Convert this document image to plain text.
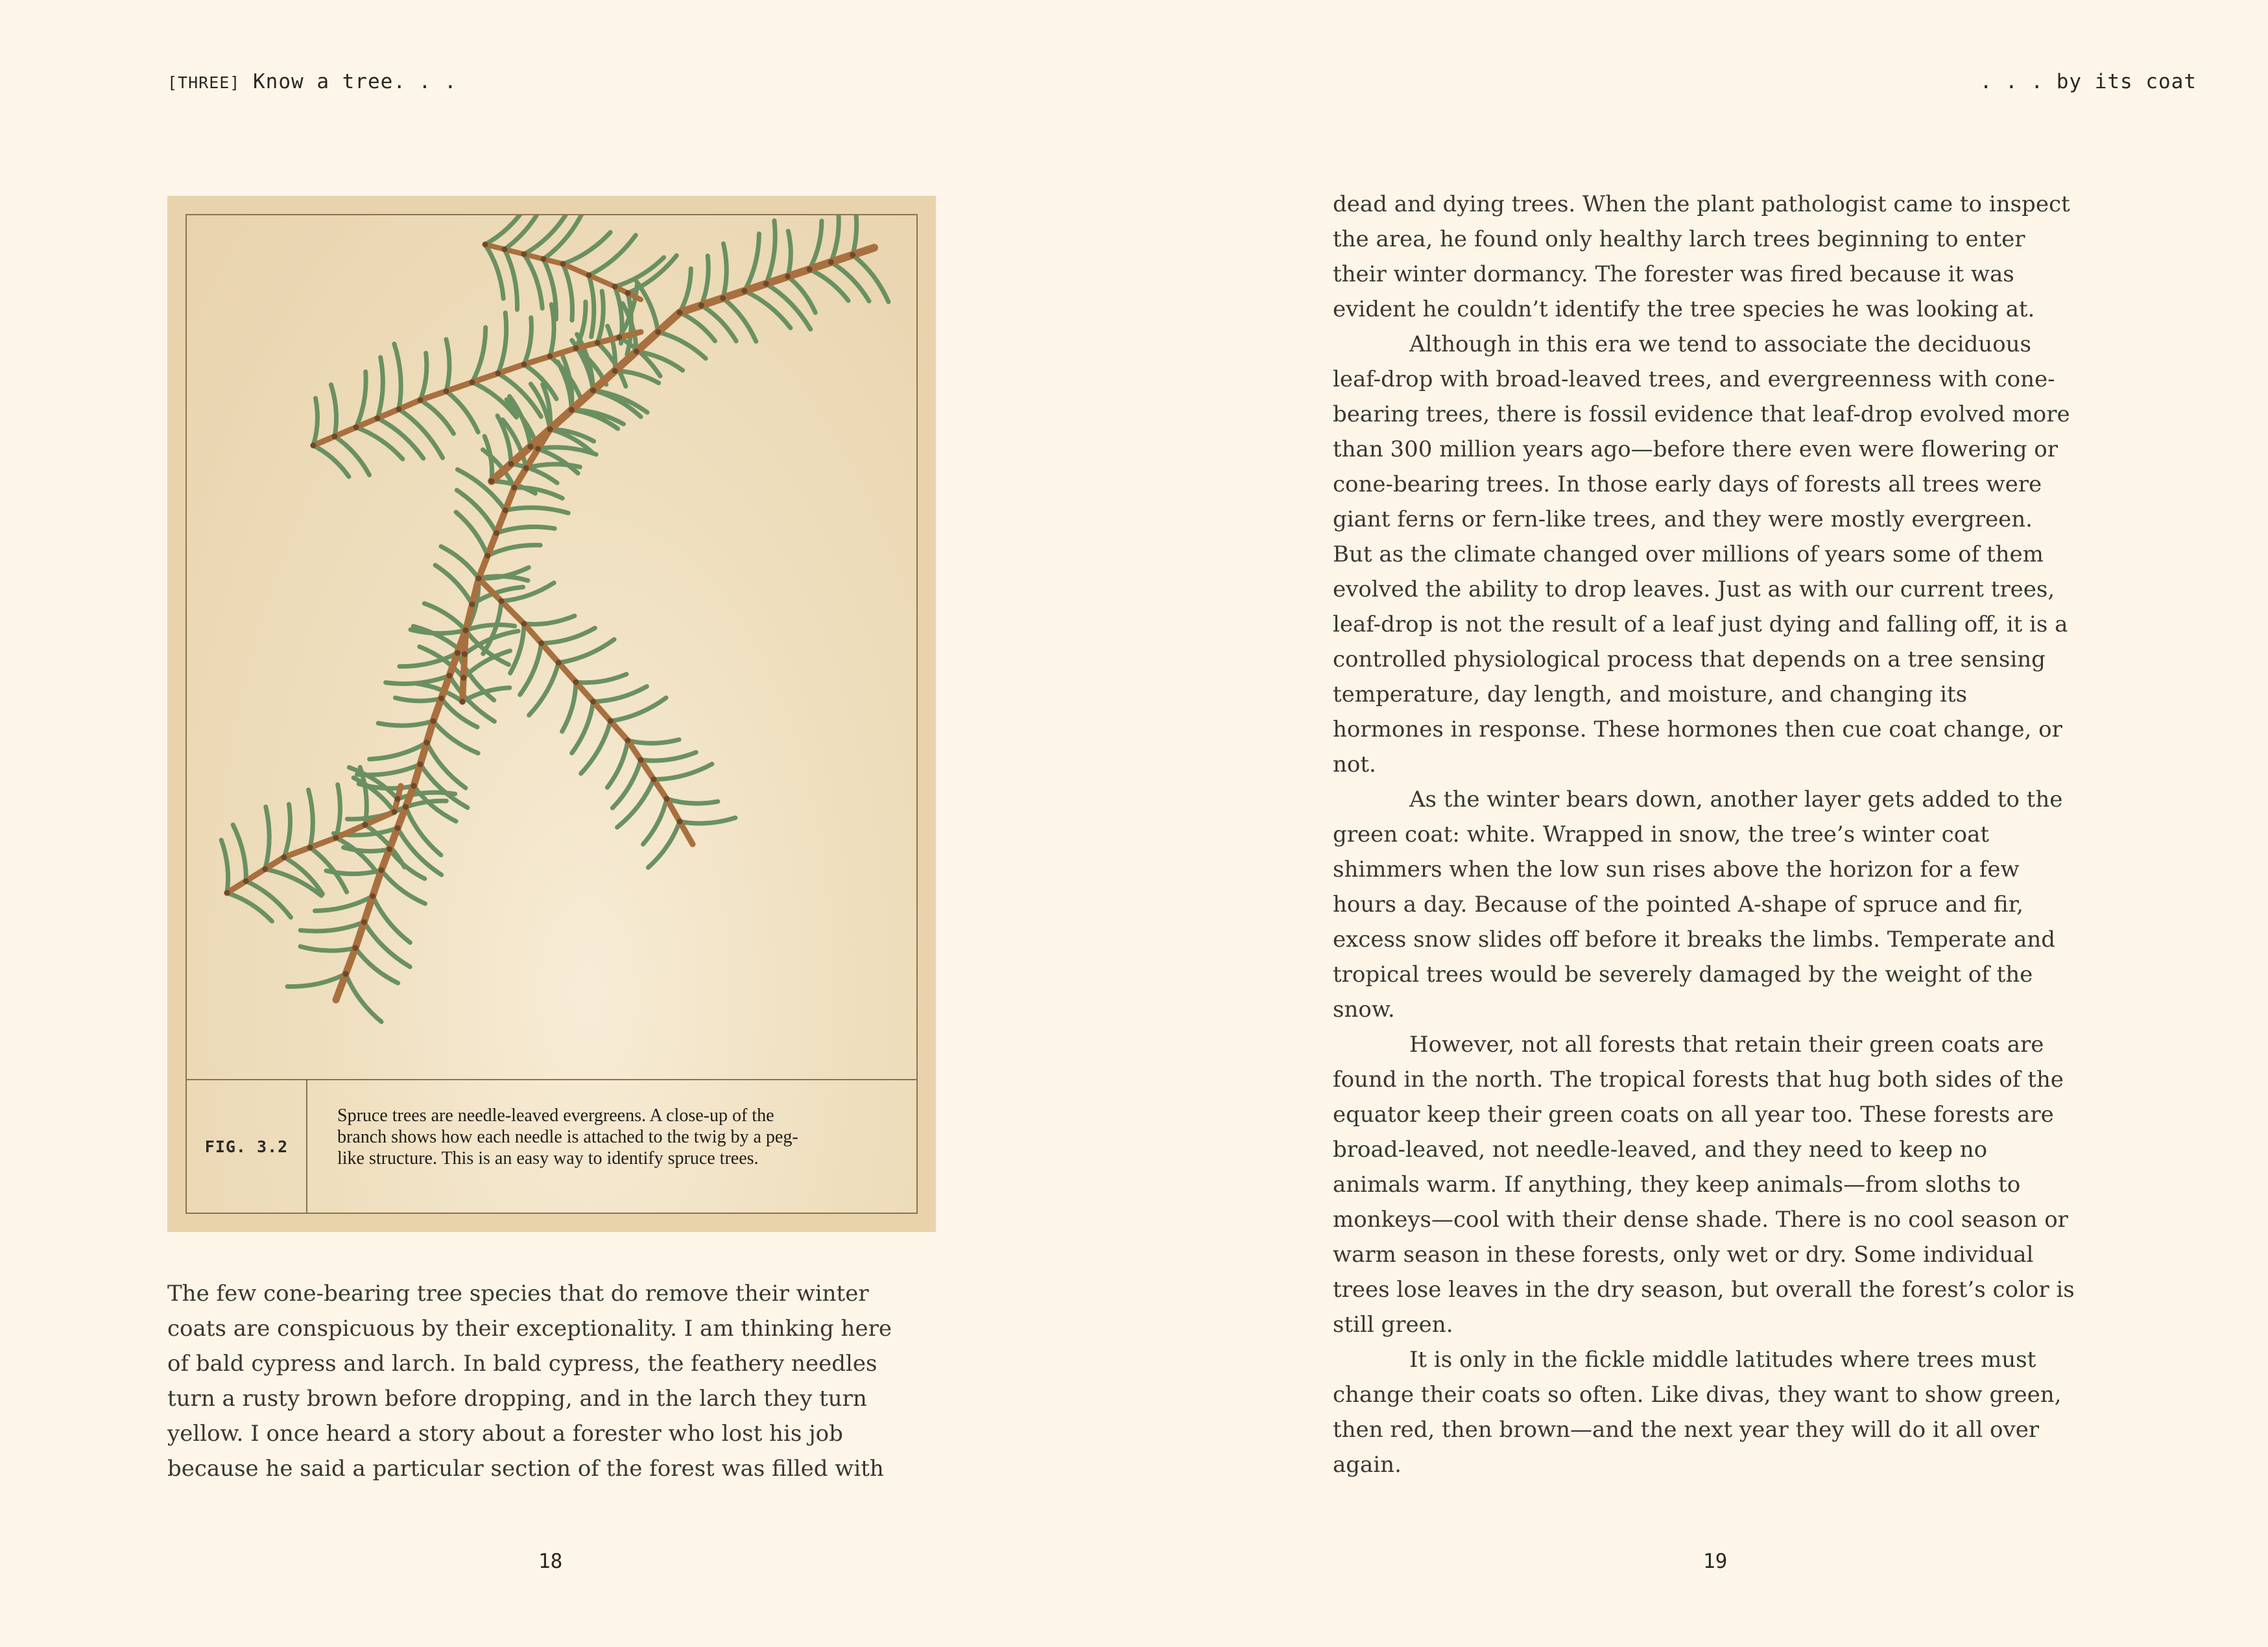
[THREE] Know a tree. . .
FIG. 3.2
Spruce trees are needle-leaved evergreens. A close-up of the branch shows how each needle is attached to the twig by a peg-like structure. This is an easy way to identify spruce trees.

The few cone-bearing tree species that do remove their winter coats are conspicuous by their exceptionality. I am thinking here of bald cypress and larch. In bald cypress, the feathery needles turn a rusty brown before dropping, and in the larch they turn yellow. I once heard a story about a forester who lost his job because he said a particular section of the forest was filled with

18
. . . by its coat

dead and dying trees. When the plant pathologist came to inspect the area, he found only healthy larch trees beginning to enter their winter dormancy. The forester was fired because it was evident he couldn’t identify the tree species he was looking at.

Although in this era we tend to associate the deciduous leaf-drop with broad-leaved trees, and evergreenness with cone-bearing trees, there is fossil evidence that leaf-drop evolved more than 300 million years ago—before there even were flowering or cone-bearing trees. In those early days of forests all trees were giant ferns or fern-like trees, and they were mostly evergreen. But as the climate changed over millions of years some of them evolved the ability to drop leaves. Just as with our current trees, leaf-drop is not the result of a leaf just dying and falling off, it is a controlled physiological process that depends on a tree sensing temperature, day length, and moisture, and changing its hormones in response. These hormones then cue coat change, or not.

As the winter bears down, another layer gets added to the green coat: white. Wrapped in snow, the tree’s winter coat shimmers when the low sun rises above the horizon for a few hours a day. Because of the pointed A-shape of spruce and fir, excess snow slides off before it breaks the limbs. Temperate and tropical trees would be severely damaged by the weight of the snow.

However, not all forests that retain their green coats are found in the north. The tropical forests that hug both sides of the equator keep their green coats on all year too. These forests are broad-leaved, not needle-leaved, and they need to keep no animals warm. If anything, they keep animals—from sloths to monkeys—cool with their dense shade. There is no cool season or warm season in these forests, only wet or dry. Some individual trees lose leaves in the dry season, but overall the forest’s color is still green.

It is only in the fickle middle latitudes where trees must change their coats so often. Like divas, they want to show green, then red, then brown—and the next year they will do it all over again.

19
